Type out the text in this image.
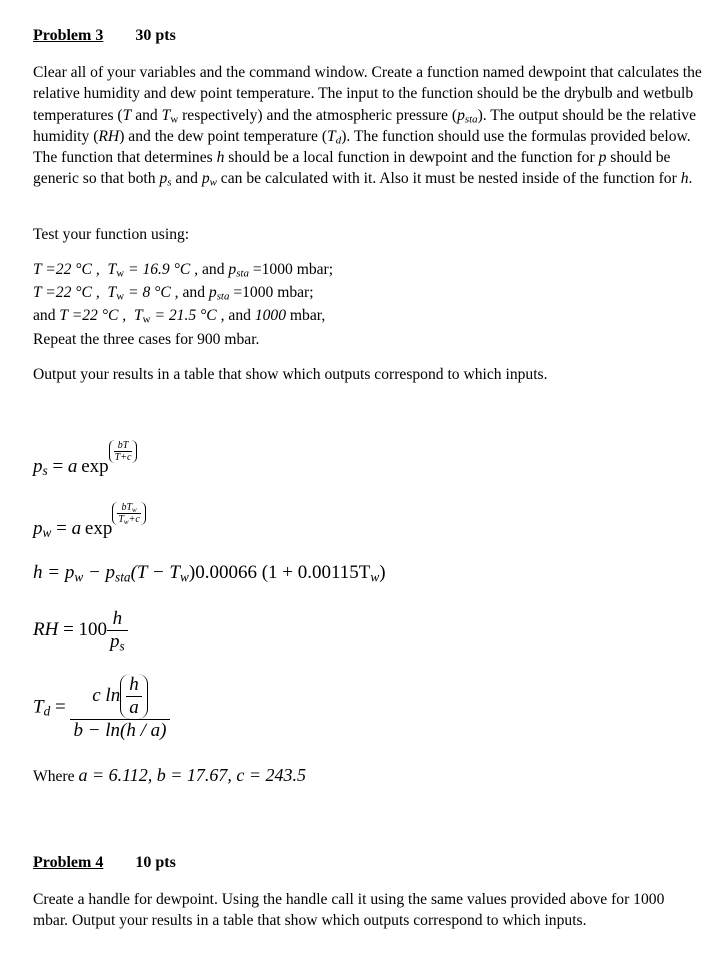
Problem 3 30 pts
Clear all of your variables and the command window. Create a function named dewpoint that calculates the relative humidity and dew point temperature. The input to the function should be the drybulb and wetbulb temperatures (T and $T_w$ respectively) and the atmospheric pressure $(p_{sta})$. The output should be the relative humidity (RH) and the dew point temperature $(T_d)$. The function should use the formulas provided below. The function that determines h should be a local function in dewpoint and the function for p should be generic so that both $p_s$ and $p_w$ can be calculated with it. Also it must be nested inside of the function for h.
Test your function using:
T =22 °C , $T_w = 16.9$ °C , and $p_{sta} =1000$ mbar;
T =22 °C , $T_w = 8$ °C , and $p_{sta} =1000$ mbar;
and T =22 °C , $T_w = 21.5$ °C , and 1000 mbar,
Repeat the three cases for 900 mbar.
Output your results in a table that show which outputs correspond to which inputs.
$p_s = a$  exp
$\frac{bT}{T+c}$
$p_w = a$  exp
$\frac{bT_w}{T_w+c}$
$h = p_w - p_{sta}(T - T_w)0.00066$ $(1 + 0.00115T_w)$
RH = $100 \frac{h}{p_s}$
$T_d = \frac{c \ln \frac{h}{a}}{b - \ln(h / a)}$
Where a = 6.112, b = 17.67, c = 243.5
Problem 4 10 pts
Create a handle for dewpoint. Using the handle call it using the same values provided above for 1000 mbar. Output your results in a table that show which outputs correspond to which inputs.
